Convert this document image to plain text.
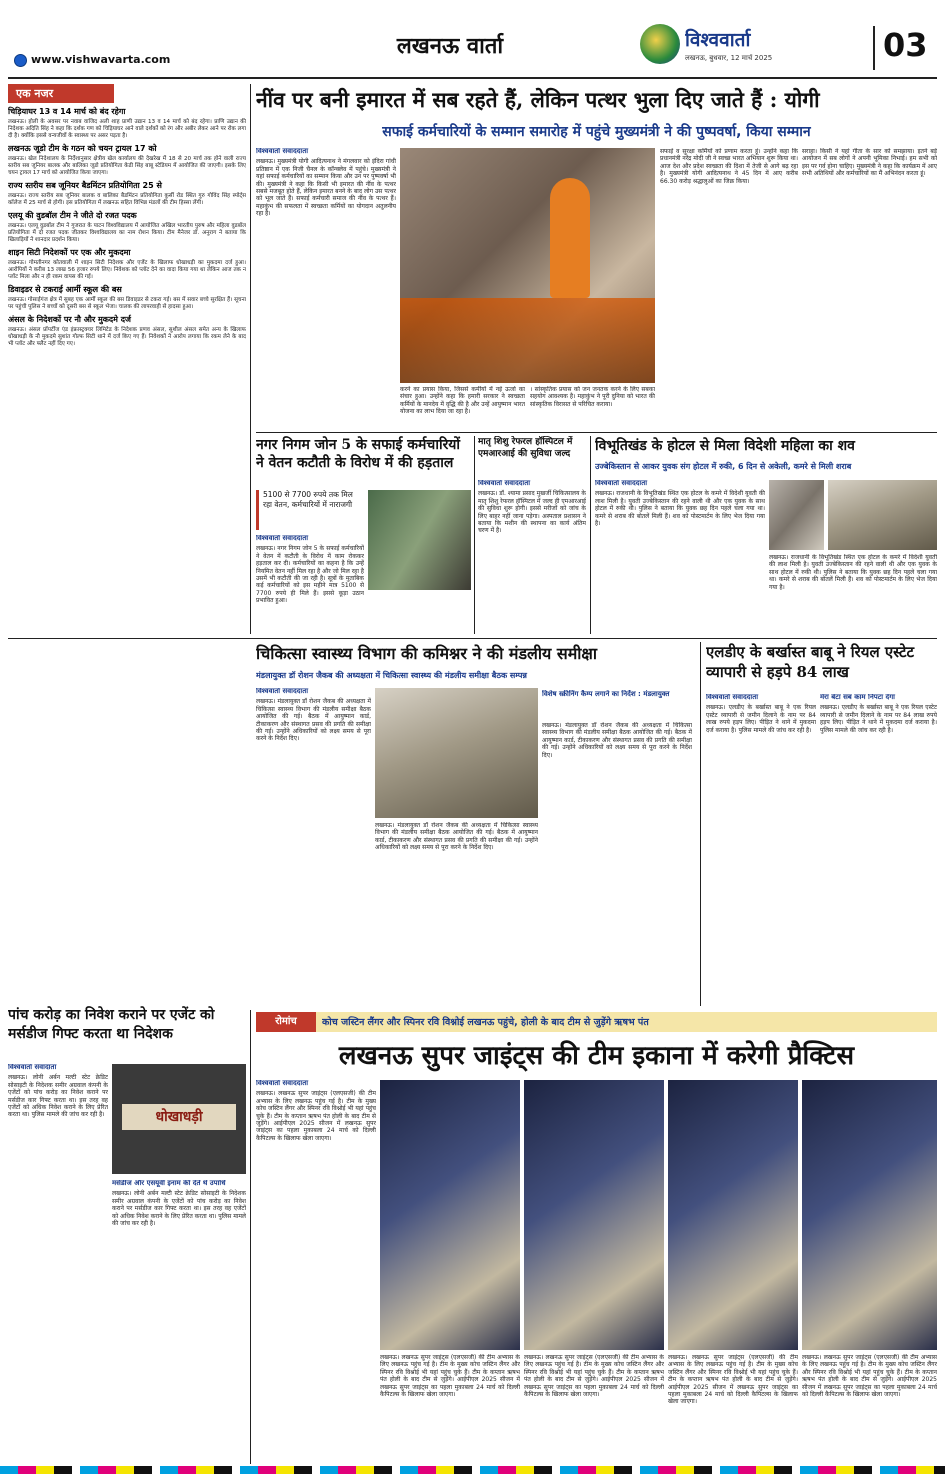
www.vishwavarta.com
लखनऊ वार्ता	विश्ववार्ता
लखनऊ, बुधवार, 12 मार्च 2025	03
एक नजर
चिड़ियाघर 13 व 14 मार्च को बंद रहेगा
लखनऊ। होली के अवसर पर नवाब वाजिद अली शाह प्राणी उद्यान 13 व 14 मार्च को बंद रहेगा। प्राणि उद्यान की निदेशक अदिति सिंह ने कहा कि दर्शक गण को चिड़ियाघर आने वाले दर्शकों को रंग और अबीर लेकर आने पर रोक लगा दी है। क्योंकि इससे वन्यजीवों के स्वास्थ्य पर असर पड़ता है।
लखनऊ जूडो टीम के गठन को चयन ट्रायल 17 को
लखनऊ। खेल निदेशालय के निर्देशानुसार क्षेत्रीय खेल कार्यालय की देखरेख में 18 से 20 मार्च तक होने वाली राज्य स्तरीय सब जूनियर बालक और बालिका जूडो प्रतियोगिता केडी सिंह बाबू स्टेडियम में आयोजित की जाएगी। इसके लिए चयन ट्रायल 17 मार्च को आयोजित किया जाएगा।
राज्य स्तरीय सब जूनियर बैडमिंटन प्रतियोगिता 25 से
लखनऊ। राज्य स्तरीय सब जूनियर बालक व बालिका बैडमिंटन प्रतियोगिता कुर्सी रोड स्थित गुरु गोविंद सिंह स्पोर्ट्स कॉलेज में 25 मार्च से होगी। इस प्रतियोगिता में लखनऊ सहित विभिन्न मंडलों की टीम हिस्सा लेंगी।
एलयू की वुडबॉल टीम ने जीते दो रजत पदक
लखनऊ। एलयू वुडबॉल टीम ने गुजरात के पाटन विश्वविद्यालय में आयोजित अखिल भारतीय पुरुष और महिला वुडबॉल प्रतियोगिता में दो रजत पदक जीतकर विश्वविद्यालय का नाम रोशन किया। टीम मैनेजर डॉ. अनुराग ने बताया कि खिलाड़ियों ने शानदार प्रदर्शन किया।
शाइन सिटी निदेशकों पर एक और मुकदमा
लखनऊ। गोमतीनगर कोतवाली में शाइन सिटी निदेशक और एजेंट के खिलाफ धोखाधड़ी का मुकदमा दर्ज हुआ। आरोपियों ने करीब 13 लाख 56 हजार रुपये लिए। निवेशक को प्लॉट देने का वादा किया गया था लेकिन आज तक न प्लॉट मिला और न ही रकम वापस की गई।
डिवाइडर से टकराई आर्मी स्कूल की बस
लखनऊ। गोसाईगंज क्षेत्र में सुबह एक आर्मी स्कूल की बस डिवाइडर से टकरा गई। बस में सवार बच्चे सुरक्षित हैं। सूचना पर पहुंची पुलिस ने बच्चों को दूसरी बस से स्कूल भेजा। चालक की लापरवाही से हादसा हुआ।
अंसल के निदेशकों पर नौ और मुकदमे दर्ज
लखनऊ। अंसल प्रॉपर्टीज एंड इंफ्रास्ट्रक्चर लिमिटेड के निदेशक प्रणव अंसल, सुशील अंसल समेत अन्य के खिलाफ धोखाधड़ी के नौ मुकदमे सुशांत गोल्फ सिटी थाने में दर्ज किए गए हैं। निवेशकों ने आरोप लगाया कि रकम लेने के बाद भी प्लॉट और फ्लैट नहीं दिए गए।
नींव पर बनी इमारत में सब रहते हैं, लेकिन पत्थर भुला दिए जाते हैं : योगी
सफाई कर्मचारियों के सम्मान समारोह में पहुंचे मुख्यमंत्री ने की पुष्पवर्षा, किया सम्मान
विश्ववार्ता संवाददाता
लखनऊ। मुख्यमंत्री योगी आदित्यनाथ ने मंगलवार को इंदिरा गांधी प्रतिष्ठान में एक निजी चैनल के कॉन्क्लेव में पहुंचे। मुख्यमंत्री ने यहां सफाई कर्मचारियों का सम्मान किया और उन पर पुष्पवर्षा भी की। मुख्यमंत्री ने कहा कि किसी भी इमारत की नींव के पत्थर सबसे मजबूत होते हैं, लेकिन इमारत बनने के बाद लोग उस पत्थर को भूल जाते हैं। सफाई कर्मचारी समाज की नींव के पत्थर हैं। महाकुंभ की सफलता में स्वच्छता कर्मियों का योगदान अतुलनीय रहा है।
सफाई व सुरक्षा कर्मियों को प्रणाम करता हूं। उन्होंने कहा कि प्रधानमंत्री नरेंद्र मोदी जी ने स्वच्छ भारत अभियान शुरू किया था। आज देश और प्रदेश स्वच्छता की दिशा में तेजी से आगे बढ़ रहा है। मुख्यमंत्री योगी आदित्यनाथ ने 45 दिन में आए करीब 66.30 करोड़ श्रद्धालुओं का जिक्र किया।
सराहा। किसी ने यहां गीता के सार को समझाया। इतने बड़े आयोजन में सब लोगों ने अपनी भूमिका निभाई। हम सभी को इस पर गर्व होना चाहिए। मुख्यमंत्री ने कहा कि कार्यक्रम में आए सभी अतिथियों और कर्मचारियों का मैं अभिनंदन करता हूं।
करने का प्रयास किया, जिससे कर्मीयों में नई ऊर्जा का संचार हुआ। उन्होंने कहा कि हमारी सरकार ने स्वच्छता कर्मियों के मानदेय में वृद्धि की है और उन्हें आयुष्मान भारत योजना का लाभ दिया जा रहा है।
। सांस्कृतिक प्रयास को जन जनतक करने के लिए सबका सहयोग आवश्यक है। महाकुंभ ने पूरी दुनिया को भारत की सांस्कृतिक विरासत से परिचित कराया।
नगर निगम जोन 5 के सफाई कर्मचारियों ने वेतन कटौती के विरोध में की हड़ताल
5100 से 7700 रुपये तक मिल रहा वेतन, कर्मचारियों में नाराजगी
विश्ववार्ता संवाददाता
लखनऊ। नगर निगम जोन 5 के सफाई कर्मचारियों ने वेतन में कटौती के विरोध में काम रोककर हड़ताल कर दी। कर्मचारियों का कहना है कि उन्हें नियमित वेतन नहीं मिल रहा है और जो मिल रहा है उसमें भी कटौती की जा रही है। सूत्रों के मुताबिक कई कर्मचारियों को इस महीने मात्र 5100 से 7700 रुपये ही मिले हैं। इससे कूड़ा उठान प्रभावित हुआ।
मातृ शिशु रेफरल हॉस्पिटल में एमआरआई की सुविधा जल्द
विश्ववार्ता संवाददाता
लखनऊ। डॉ. श्यामा प्रसाद मुखर्जी चिकित्सालय के मातृ शिशु रेफरल हॉस्पिटल में जल्द ही एमआरआई की सुविधा शुरू होगी। इससे मरीजों को जांच के लिए बाहर नहीं जाना पड़ेगा। अस्पताल प्रशासन ने बताया कि मशीन की स्थापना का कार्य अंतिम चरण में है।
विभूतिखंड के होटल से मिला विदेशी महिला का शव
उज्बेकिस्तान से आकर युवक संग होटल में रुकी, 6 दिन से अकेली, कमरे से मिली शराब
विश्ववार्ता संवाददाता
लखनऊ। राजधानी के विभूतिखंड स्थित एक होटल के कमरे में विदेशी युवती की लाश मिली है। युवती उज्बेकिस्तान की रहने वाली थी और एक युवक के साथ होटल में रुकी थी। पुलिस ने बताया कि युवक छह दिन पहले चला गया था। कमरे से शराब की बोतलें मिली हैं। शव को पोस्टमार्टम के लिए भेज दिया गया है।
लखनऊ। राजधानी के विभूतिखंड स्थित एक होटल के कमरे में विदेशी युवती की लाश मिली है। युवती उज्बेकिस्तान की रहने वाली थी और एक युवक के साथ होटल में रुकी थी। पुलिस ने बताया कि युवक छह दिन पहले चला गया था। कमरे से शराब की बोतलें मिली हैं। शव को पोस्टमार्टम के लिए भेज दिया गया है।
चिकित्सा स्वास्थ्य विभाग की कमिश्नर ने की मंडलीय समीक्षा
मंडलायुक्त डॉ रोशन जैकब की अध्यक्षता में चिकित्सा स्वास्थ्य की मंडलीय समीक्षा बैठक सम्पन्न
विश्ववार्ता संवाददाता
लखनऊ। मंडलायुक्त डॉ रोशन जैकब की अध्यक्षता में चिकित्सा स्वास्थ्य विभाग की मंडलीय समीक्षा बैठक आयोजित की गई। बैठक में आयुष्मान कार्ड, टीकाकरण और संस्थागत प्रसव की प्रगति की समीक्षा की गई। उन्होंने अधिकारियों को लक्ष्य समय से पूरा करने के निर्देश दिए।
विशेष स्क्रीनिंग कैम्प लगाने का निर्देश : मंडलायुक्त
लखनऊ। मंडलायुक्त डॉ रोशन जैकब की अध्यक्षता में चिकित्सा स्वास्थ्य विभाग की मंडलीय समीक्षा बैठक आयोजित की गई। बैठक में आयुष्मान कार्ड, टीकाकरण और संस्थागत प्रसव की प्रगति की समीक्षा की गई। उन्होंने अधिकारियों को लक्ष्य समय से पूरा करने के निर्देश दिए।
लखनऊ। मंडलायुक्त डॉ रोशन जैकब की अध्यक्षता में चिकित्सा स्वास्थ्य विभाग की मंडलीय समीक्षा बैठक आयोजित की गई। बैठक में आयुष्मान कार्ड, टीकाकरण और संस्थागत प्रसव की प्रगति की समीक्षा की गई। उन्होंने अधिकारियों को लक्ष्य समय से पूरा करने के निर्देश दिए।
एलडीए के बर्खास्त बाबू ने रियल एस्टेट व्यापारी से हड़पे 84 लाख
विश्ववार्ता संवाददाता
लखनऊ। एलडीए के बर्खास्त बाबू ने एक रियल एस्टेट व्यापारी से जमीन दिलाने के नाम पर 84 लाख रुपये हड़प लिए। पीड़ित ने थाने में मुकदमा दर्ज कराया है। पुलिस मामले की जांच कर रही है।
मेरा बेटा सब काम निपटा देगा
लखनऊ। एलडीए के बर्खास्त बाबू ने एक रियल एस्टेट व्यापारी से जमीन दिलाने के नाम पर 84 लाख रुपये हड़प लिए। पीड़ित ने थाने में मुकदमा दर्ज कराया है। पुलिस मामले की जांच कर रही है।
पांच करोड़ का निवेश कराने पर एजेंट को मर्सडीज गिफ्ट करता था निदेशक
विश्ववार्ता संवादाता
लखनऊ। लोनी अर्बन मल्टी स्टेट क्रेडिट सोसाइटी के निदेशक समीर अग्रवाल कंपनी के एजेंटों को पांच करोड़ का निवेश कराने पर मर्सडीज कार गिफ्ट करता था। इस तरह वह एजेंटों को अधिक निवेश कराने के लिए प्रेरित करता था। पुलिस मामले की जांच कर रही है।	धोखाधड़ी
मर्सडीज और एसयूवी इनाम की देते थे उपाधि
लखनऊ। लोनी अर्बन मल्टी स्टेट क्रेडिट सोसाइटी के निदेशक समीर अग्रवाल कंपनी के एजेंटों को पांच करोड़ का निवेश कराने पर मर्सडीज कार गिफ्ट करता था। इस तरह वह एजेंटों को अधिक निवेश कराने के लिए प्रेरित करता था। पुलिस मामले की जांच कर रही है।
रोमांच	कोच जस्टिन लैंगर और स्पिनर रवि विश्नोई लखनऊ पहुंचे, होली के बाद टीम से जुड़ेंगे ऋषभ पंत
लखनऊ सुपर जाइंट्स की टीम इकाना में करेगी प्रैक्टिस
विश्ववार्ता संवाददाता
लखनऊ। लखनऊ सुपर जाइंट्स (एलएसजी) की टीम अभ्यास के लिए लखनऊ पहुंच गई है। टीम के मुख्य कोच जस्टिन लैंगर और स्पिनर रवि विश्नोई भी यहां पहुंच चुके हैं। टीम के कप्तान ऋषभ पंत होली के बाद टीम से जुड़ेंगे। आईपीएल 2025 सीजन में लखनऊ सुपर जाइंट्स का पहला मुकाबला 24 मार्च को दिल्ली कैपिटल्स के खिलाफ खेला जाएगा।
लखनऊ। लखनऊ सुपर जाइंट्स (एलएसजी) की टीम अभ्यास के लिए लखनऊ पहुंच गई है। टीम के मुख्य कोच जस्टिन लैंगर और स्पिनर रवि विश्नोई भी यहां पहुंच चुके हैं। टीम के कप्तान ऋषभ पंत होली के बाद टीम से जुड़ेंगे। आईपीएल 2025 सीजन में लखनऊ सुपर जाइंट्स का पहला मुकाबला 24 मार्च को दिल्ली कैपिटल्स के खिलाफ खेला जाएगा।
लखनऊ। लखनऊ सुपर जाइंट्स (एलएसजी) की टीम अभ्यास के लिए लखनऊ पहुंच गई है। टीम के मुख्य कोच जस्टिन लैंगर और स्पिनर रवि विश्नोई भी यहां पहुंच चुके हैं। टीम के कप्तान ऋषभ पंत होली के बाद टीम से जुड़ेंगे। आईपीएल 2025 सीजन में लखनऊ सुपर जाइंट्स का पहला मुकाबला 24 मार्च को दिल्ली कैपिटल्स के खिलाफ खेला जाएगा।
लखनऊ। लखनऊ सुपर जाइंट्स (एलएसजी) की टीम अभ्यास के लिए लखनऊ पहुंच गई है। टीम के मुख्य कोच जस्टिन लैंगर और स्पिनर रवि विश्नोई भी यहां पहुंच चुके हैं। टीम के कप्तान ऋषभ पंत होली के बाद टीम से जुड़ेंगे। आईपीएल 2025 सीजन में लखनऊ सुपर जाइंट्स का पहला मुकाबला 24 मार्च को दिल्ली कैपिटल्स के खिलाफ खेला जाएगा।
लखनऊ। लखनऊ सुपर जाइंट्स (एलएसजी) की टीम अभ्यास के लिए लखनऊ पहुंच गई है। टीम के मुख्य कोच जस्टिन लैंगर और स्पिनर रवि विश्नोई भी यहां पहुंच चुके हैं। टीम के कप्तान ऋषभ पंत होली के बाद टीम से जुड़ेंगे। आईपीएल 2025 सीजन में लखनऊ सुपर जाइंट्स का पहला मुकाबला 24 मार्च को दिल्ली कैपिटल्स के खिलाफ खेला जाएगा।
